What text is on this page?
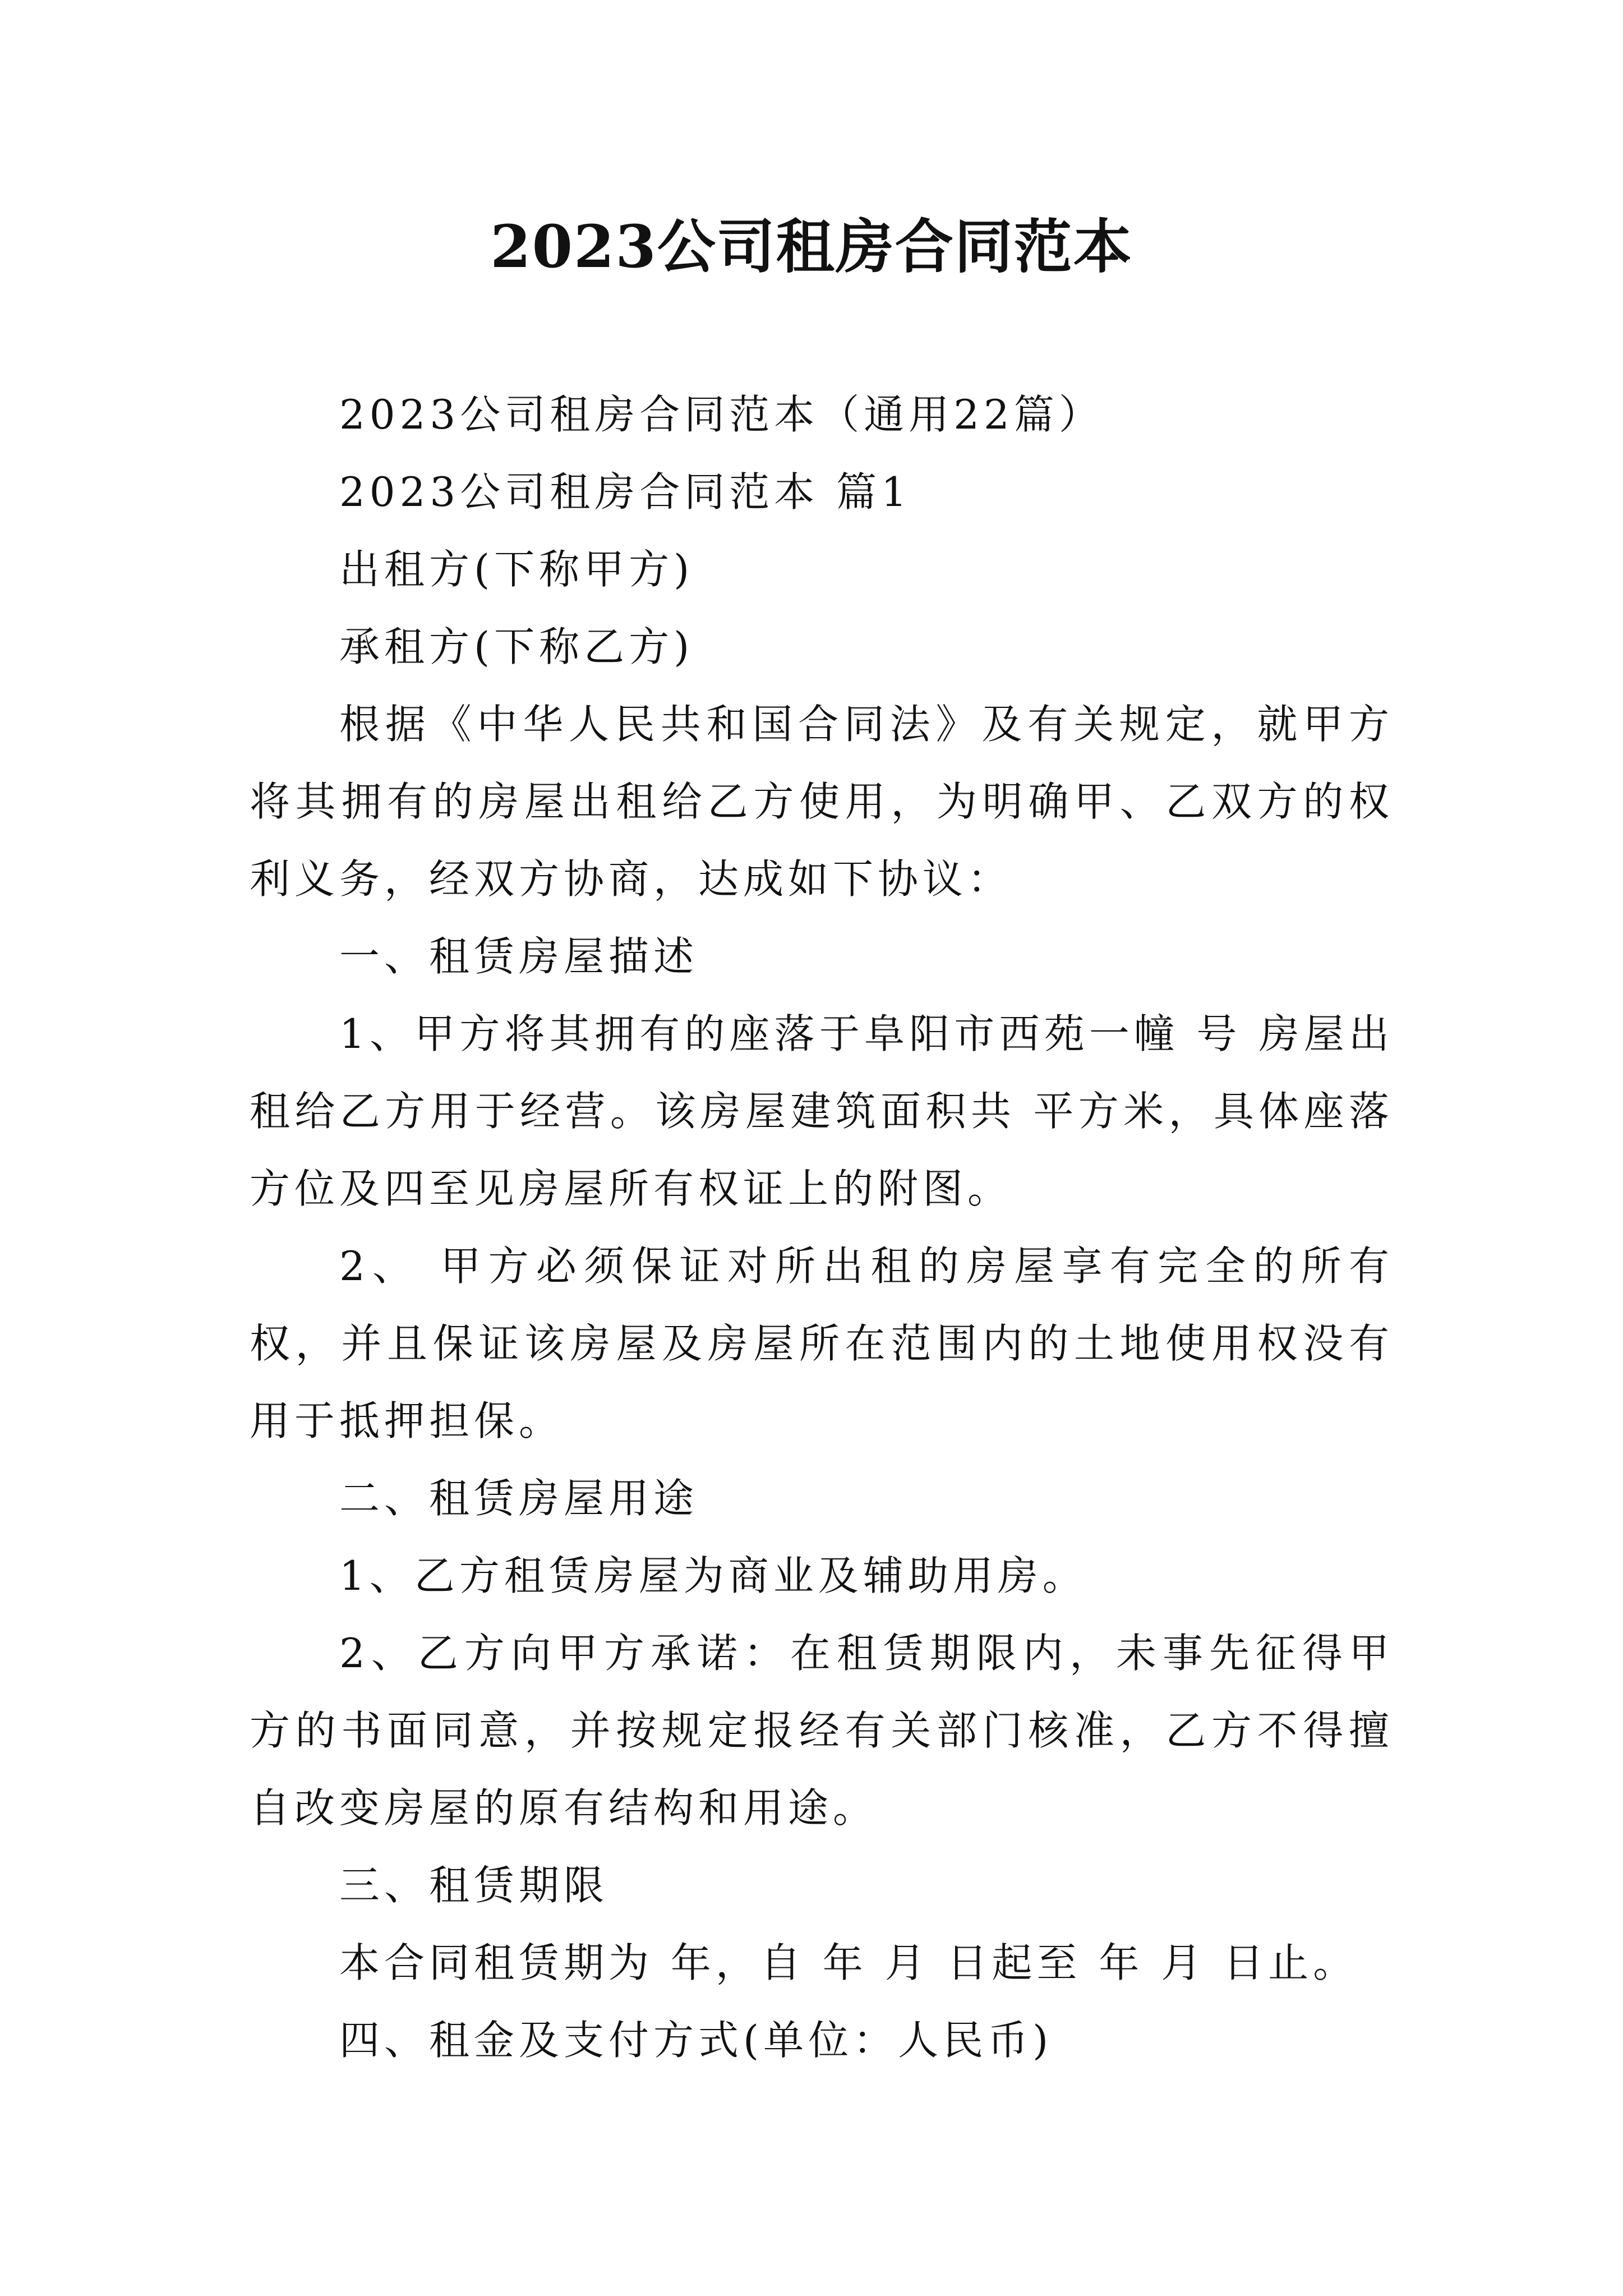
2023公司租房合同范本

2023公司租房合同范本（通用22篇）

2023公司租房合同范本 篇1

出租方(下称甲方)

承租方(下称乙方)

根据《中华人民共和国合同法》及有关规定，就甲方将其拥有的房屋出租给乙方使用，为明确甲、乙双方的权利义务，经双方协商，达成如下协议：

一、租赁房屋描述

1、甲方将其拥有的座落于阜阳市西苑一幢 号 房屋出租给乙方用于经营。该房屋建筑面积共 平方米，具体座落方位及四至见房屋所有权证上的附图。

2、 甲方必须保证对所出租的房屋享有完全的所有权，并且保证该房屋及房屋所在范围内的土地使用权没有用于抵押担保。

二、租赁房屋用途

1、乙方租赁房屋为商业及辅助用房。

2、乙方向甲方承诺：在租赁期限内，未事先征得甲方的书面同意，并按规定报经有关部门核准，乙方不得擅自改变房屋的原有结构和用途。

三、租赁期限

本合同租赁期为 年，自 年 月 日起至 年 月 日止。

四、租金及支付方式(单位：人民币)
